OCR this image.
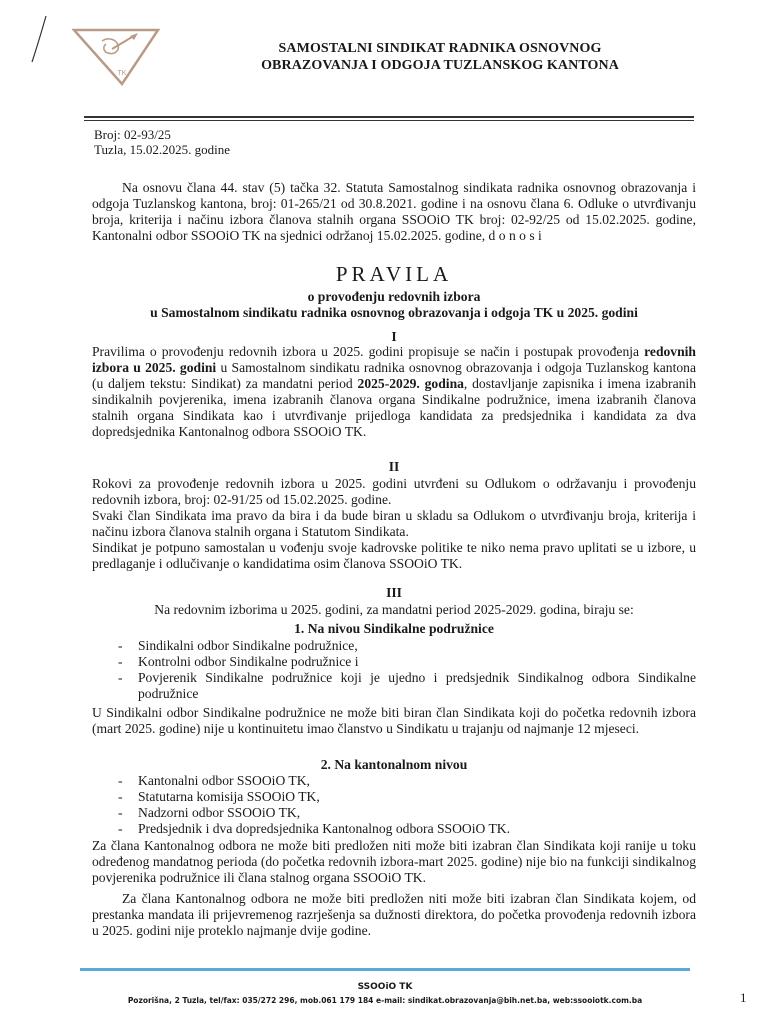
TK
SAMOSTALNI SINDIKAT RADNIKA OSNOVNOG
OBRAZOVANJA I ODGOJA TUZLANSKOG KANTONA
Broj: 02-93/25
Tuzla, 15.02.2025. godine
Na osnovu člana 44. stav (5) tačka 32. Statuta Samostalnog sindikata radnika osnovnog obrazovanja i odgoja Tuzlanskog kantona, broj: 01-265/21 od 30.8.2021. godine i na osnovu člana 6. Odluke o utvrđivanju broja, kriterija i načinu izbora članova stalnih organa SSOOiO TK broj: 02-92/25 od 15.02.2025. godine, Kantonalni odbor SSOOiO TK na sjednici održanoj 15.02.2025. godine, d o n o s i
PRAVILA
o provođenju redovnih izbora
u Samostalnom sindikatu radnika osnovnog obrazovanja i odgoja TK u 2025. godini
I
Pravilima o provođenju redovnih izbora u 2025. godini propisuje se način i postupak provođenja redovnih izbora u 2025. godini u Samostalnom sindikatu radnika osnovnog obrazovanja i odgoja Tuzlanskog kantona (u daljem tekstu: Sindikat) za mandatni period 2025-2029. godina, dostavljanje zapisnika i imena izabranih sindikalnih povjerenika, imena izabranih članova organa Sindikalne podružnice, imena izabranih članova stalnih organa Sindikata kao i utvrđivanje prijedloga kandidata za predsjednika i kandidata za dva dopredsjednika Kantonalnog odbora SSOOiO TK.
II
Rokovi za provođenje redovnih izbora u 2025. godini utvrđeni su Odlukom o održavanju i provođenju redovnih izbora, broj: 02-91/25 od 15.02.2025. godine.
Svaki član Sindikata ima pravo da bira i da bude biran u skladu sa Odlukom o utvrđivanju broja, kriterija i načinu izbora članova stalnih organa i Statutom Sindikata.
Sindikat je potpuno samostalan u vođenju svoje kadrovske politike te niko nema pravo uplitati se u izbore, u predlaganje i odlučivanje o kandidatima osim članova SSOOiO TK.
III
Na redovnim izborima u 2025. godini, za mandatni period 2025-2029. godina, biraju se:
1. Na nivou Sindikalne podružnice
- Sindikalni odbor Sindikalne podružnice,
- Kontrolni odbor Sindikalne podružnice i
- Povjerenik Sindikalne podružnice koji je ujedno i predsjednik Sindikalnog odbora Sindikalne podružnice
U Sindikalni odbor Sindikalne podružnice ne može biti biran član Sindikata koji do početka redovnih izbora (mart 2025. godine) nije u kontinuitetu imao članstvo u Sindikatu u trajanju od najmanje 12 mjeseci.
2. Na kantonalnom nivou
- Kantonalni odbor SSOOiO TK,
- Statutarna komisija SSOOiO TK,
- Nadzorni odbor SSOOiO TK,
- Predsjednik i dva dopredsjednika Kantonalnog odbora SSOOiO TK.
Za člana Kantonalnog odbora ne može biti predložen niti može biti izabran član Sindikata koji ranije u toku određenog mandatnog perioda (do početka redovnih izbora-mart 2025. godine) nije bio na funkciji sindikalnog povjerenika podružnice ili člana stalnog organa SSOOiO TK.
Za člana Kantonalnog odbora ne može biti predložen niti može biti izabran član Sindikata kojem, od prestanka mandata ili prijevremenog razrješenja sa dužnosti direktora, do početka provođenja redovnih izbora u 2025. godini nije proteklo najmanje dvije godine.
SSOOiO TK
Pozorišna, 2 Tuzla, tel/fax: 035/272 296, mob.061 179 184 e-mail: sindikat.obrazovanja@bih.net.ba, web:ssooiotk.com.ba	1
